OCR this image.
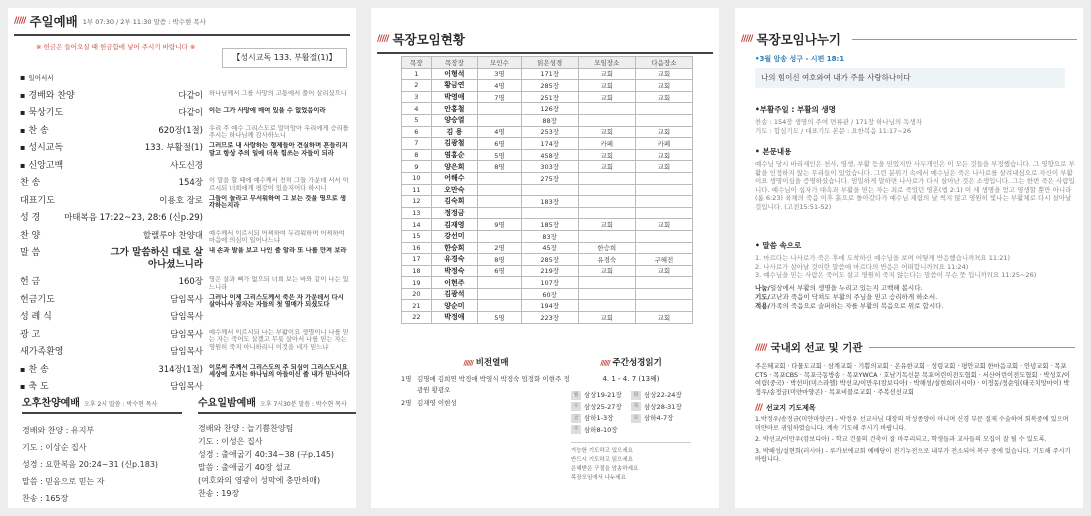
///// 주일예배 1부 07:30 / 2부 11:30 말씀 : 박수현 목사
※ 헌금은 들어오실 때 헌금함에 넣어 주시기 바랍니다 ※
【성시교독 133. 부활절(1)】
▪ 일어서서
▪ 경배와 찬양	다같이 하나님께서 그를 사망의 고통에서 풀어 살리셨으니
▪ 묵상기도	다같이 이는 그가 사망에 매여 있을 수 없었음이라
▪ 찬 송	620장(1절) 우리 주 예수 그리스도로 말미암아 우리에게 승리를 주시는 하나님께 감사하노니
▪ 성시교독	133. 부활절(1) 그러므로 내 사랑하는 형제들아 견실하며 흔들리지 말고 항상 주의 일에 더욱 힘쓰는 자들이 되라
▪ 신앙고백	사도신경
찬 송	154장 이 말을 할 때에 예수께서 친히 그들 가운데 서서 이르시되 너희에게 평강이 있을지어다 하시니
대표기도	이용호 장로 그들이 놀라고 무서워하여 그 보는 것을 영으로 생각하는지라
성 경	마태복음 17:22~23, 28:6 (신p.29)
찬 양	할렐루야 찬양대 예수께서 이르시되 어찌하여 두려워하며 어찌하여 마음에 의심이 일어나느냐
말 씀	그가 말씀하신 대로 살아나셨느니라
내 손과 발을 보고 나인 줄 알라 또 나를 만져 보라
헌 금	160장 영은 살과 뼈가 없으되 너희 보는 바와 같이 나는 있느니라
헌금기도	담임목사 그러나 이제 그리스도께서 죽은 자 가운데서 다시 살아나사 잠자는 자들의 첫 열매가 되셨도다
성 례 식	담임목사
광 고	담임목사 예수께서 이르시되 나는 부활이요 생명이니 나를 믿는 자는 죽어도 살겠고 무릇 살아서 나를 믿는 자는 영원히 죽지 아니하리니 이것을 네가 믿느냐
새가족환영	담임목사
▪ 찬 송	314장(1절) 이로써 주께서 그리스도의 주 되심이 그리스도시요 세상에 오시는 하나님의 아들이신 줄 내가 믿나이다
▪ 축 도	담임목사
오후찬양예배 오후 2시 말씀 : 박수현 목사
경배와 찬양 : 유지부
기도 : 이상순 집사
성경 : 요한복음 20:24~31 (신p.183)
말씀 : 믿음으로 믿는 자
찬송 : 165장
수요일밤예배 오후 7시30분 말씀 : 박수현 목사
경배와 찬양 : 늘기쁨찬양팀
기도 : 이성은 집사
성경 : 출애굽기 40:34~38 (구p.145)
말씀 : 출애굽기 40장 설교
(여호와의 영광이 성막에 충만하매)
찬송 : 19장
///// 목장모임현황
목장	목장장	모인수	읽은성경	모임장소	다음장소
1	이형석	3명	171장	교회	교회
2	황금연	4명	285장	교회	교회
3	박영애	7명	251장	교회	교회
4	안홍철		126장		
5	양승열		88장		
6	김 용	4명	253장	교회	교회
7	김광철	6명	174장	카페	카페
8	염홍순	5명	458장	교회	교회
9	양은희	8명	303장	교회	교회
10	어해수		275장		
11	오만숙				
12	김숙희		183장		
13	정정금				
14	김재영	9명	185장	교회	교회
15	강선미		83장		
16	한승희	2명	45장	한승희	
17	유경숙	8명	285장	유경숙	구혜전
18	박정숙	6명	219장	교회	교회
19	이현주		107장		
20	김광석		60장		
21	양순미		194장		
22	박정애	5명	223장	교회	교회
////// 비전열매
1명 김명애 김희연 박정애 박영식 박정숙 엄정화 이현주 정광원 황광오
2명 김재영 이현성
////// 주간성경읽기
4. 1 - 4. 7 (13째)
월 삼상19-21장	화 삼상22-24장
수 삼상25-27장	목 삼상28-31장
금 삼하1-3장	토 삼하4-7장
주 삼하8-10장
가능한 기도하고 있으세요
반드시 기도하고 읽으세요
은혜받은 구절을 암송하세요
목장모임에서 나누세요
///// 목장모임나누기
•3월 암송 성구 - 시편 18:1
나의 힘이신 여호와여 내가 주를 사랑하나이다
•부활주일 : 부활의 생명
찬송 : 154장 생명의 주여 면류관 / 171장 하나님의 독생자
기도 : 합심기도 / 대표기도 본문 : 요한복음 11:17~26
• 본문내용
예수님 당시 바리새인은 천사, 영생, 부활 등을 믿었지만 사두개인은 이 모든 것들을 부정했습니다. 그 영향으로 부활을 인정하지 않는 무리들이 있었습니다. 그런 분위기 속에서 예수님은 죽은 나사로를 살려내심으로 자신이 부활이요 생명이심을 증명하셨습니다. 엄밀하게 말하면 나사로가 다시 살아난 것은 소생입니다. 그는 한번 죽은 사람입니다. 예수님이 십자가 대속과 부활을 믿는 자는 죄로 죽었던 영혼(엡 2:1) 이 새 생명을 얻고 영생할 뿐만 아니라(롬 6:23) 육체의 죽음 이후 흙으로 돌아갔다가 예수님 재림의 날 썩지 않고 영원히 빛나는 부활체로 다시 살아날 것입니다. (고전15:51-52)
• 말씀 속으로
1. 마르다는 나사로가 죽은 후에 도착하신 예수님을 보며 어떻게 반응했습니까?(요 11:21)
2. 나사로가 살아날 것이란 말씀에 마르다의 반응은 어떠합니까?(요 11:24)
3. 예수님을 믿는 사람은 죽어도 살고 영원히 죽지 않는다는 말씀이 무슨 뜻 입니까?(요 11:25~26)
나눔/일상에서 부활의 생명을 누리고 있는지 고백해 봅시다.
기도/고난과 죽음이 닥쳐도 부활의 주님을 믿고 승리하게 하소서.
적용/가족의 죽음으로 슬퍼하는 자를 부활의 복음으로 위로 합시다.
///// 국내외 선교 및 기관
주은혜교회 · 다물도교회 · 삼계교회 · 기쁨의교회 · 온유한교회 · 성령교회 · 평안교회 한마음교회 · 안녕교회 · 목포CTS · 목포CBS · 목포극동방송 · 목포YWCA · 호남기독신문 목포어린이전도협회 · 서산어린이전도협회 · 박성호/이여림(중국) · 박선미(미스라엘) 박선교/이만우(캄보디아) · 박해성/설현희(러시아) · 이정동/정순임(태국치앙마이) 박정우/송정금(미얀마양곤) · 목포비블로교회 · 주복선선교회
/// 선교지 기도제목
1.박정우/송정금(미얀마양곤) - 박정우 선교사님 대장의 악성종양이 아니며 신경 부문 절제 수술하여 회복중에 있으며 미얀마로 귀임하였습니다. 계속 기도해 주시기 바랍니다.
2. 박선교/이만우(캄보디아) - 학교 건물의 건축이 잘 마무리되고, 학생들과 교사들의 모집이 잘 될 수 있도록.
3. 박해성/설현희(러시아) - 루가보에교회 예배당이 전기누전으로 내부가 전소되어 복구 중에 있습니다. 기도해 주시기 바랍니다.
